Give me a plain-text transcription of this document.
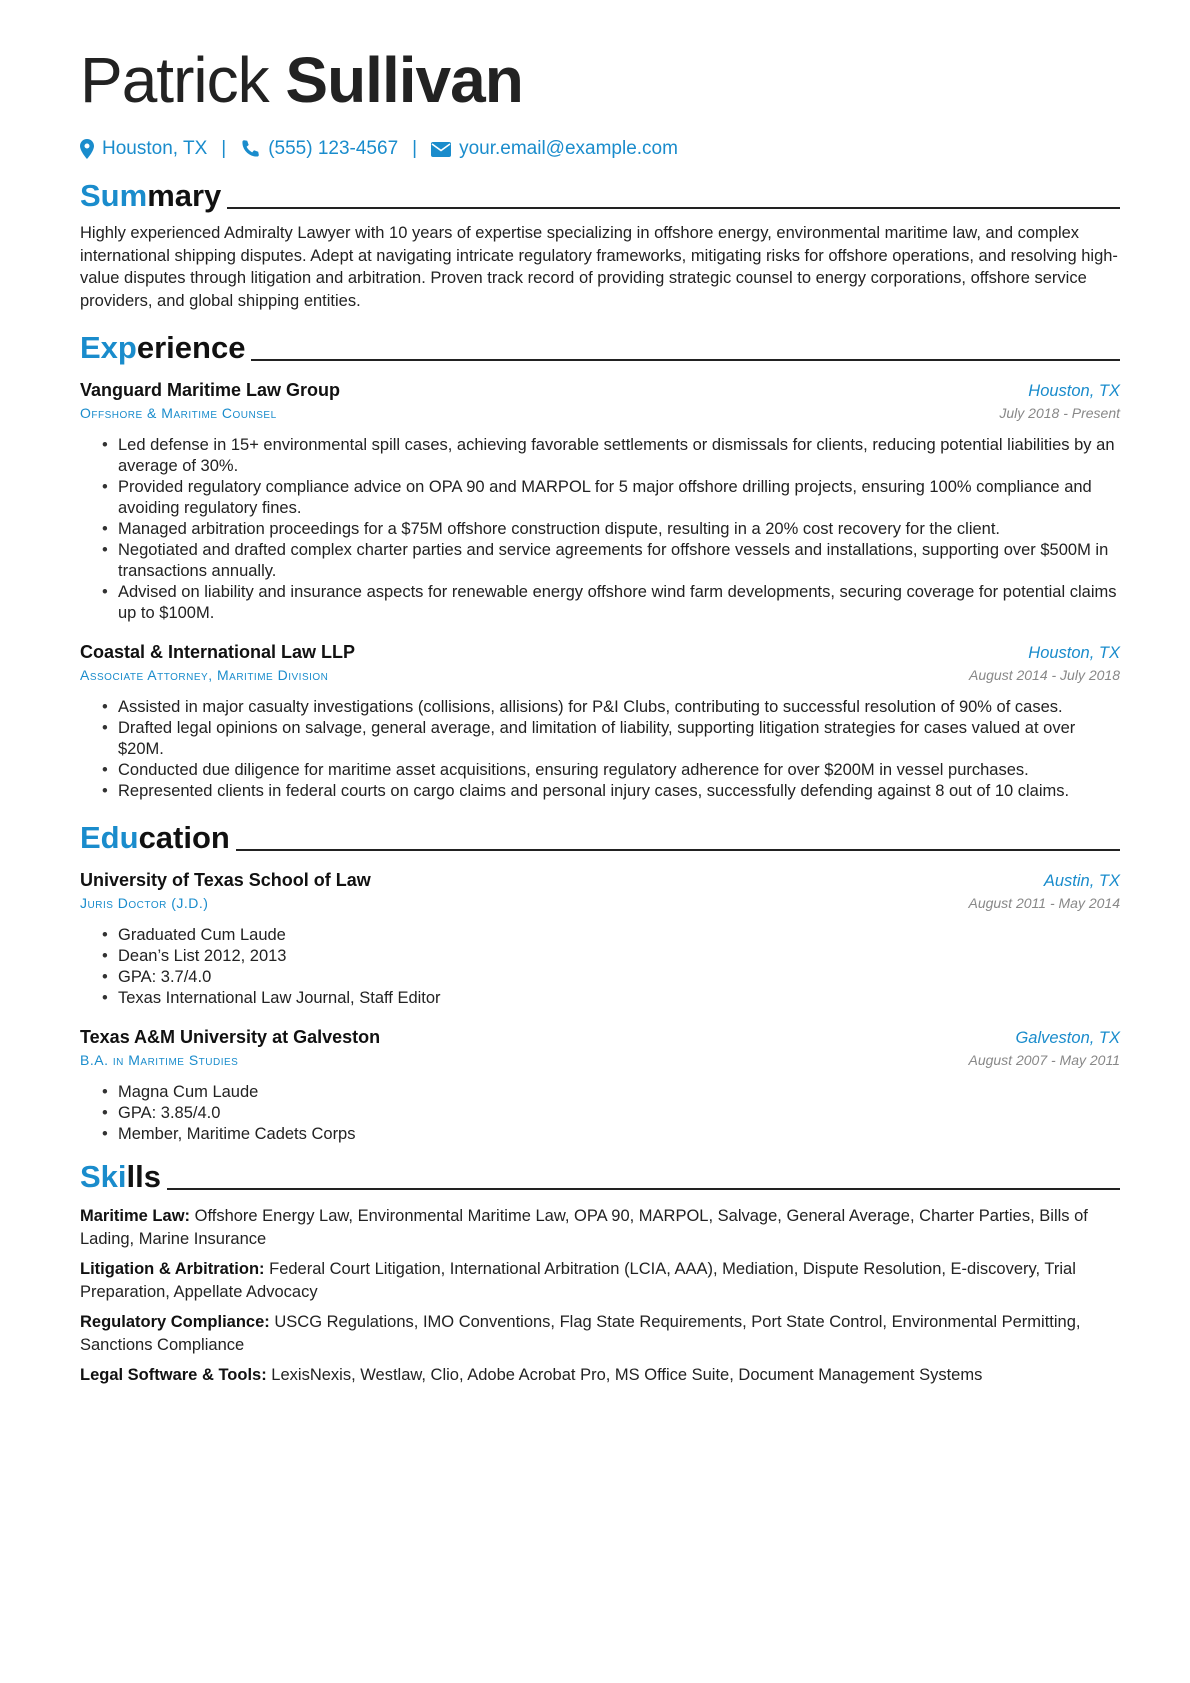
Patrick Sullivan
Houston, TX | (555) 123-4567 | your.email@example.com
Summary

Highly experienced Admiralty Lawyer with 10 years of expertise specializing in offshore energy, environmental maritime law, and complex international shipping disputes. Adept at navigating intricate regulatory frameworks, mitigating risks for offshore operations, and resolving high-value disputes through litigation and arbitration. Proven track record of providing strategic counsel to energy corporations, offshore service providers, and global shipping entities.

Experience
Vanguard Maritime Law Group	Houston, TX
Offshore & Maritime Counsel	July 2018 - Present
• Led defense in 15+ environmental spill cases, achieving favorable settlements or dismissals for clients, reducing potential liabilities by an average of 30%.
• Provided regulatory compliance advice on OPA 90 and MARPOL for 5 major offshore drilling projects, ensuring 100% compliance and avoiding regulatory fines.
• Managed arbitration proceedings for a $75M offshore construction dispute, resulting in a 20% cost recovery for the client.
• Negotiated and drafted complex charter parties and service agreements for offshore vessels and installations, supporting over $500M in transactions annually.
• Advised on liability and insurance aspects for renewable energy offshore wind farm developments, securing coverage for potential claims up to $100M.
Coastal & International Law LLP	Houston, TX
Associate Attorney, Maritime Division	August 2014 - July 2018
• Assisted in major casualty investigations (collisions, allisions) for P&I Clubs, contributing to successful resolution of 90% of cases.
• Drafted legal opinions on salvage, general average, and limitation of liability, supporting litigation strategies for cases valued at over $20M.
• Conducted due diligence for maritime asset acquisitions, ensuring regulatory adherence for over $200M in vessel purchases.
• Represented clients in federal courts on cargo claims and personal injury cases, successfully defending against 8 out of 10 claims.
Education
University of Texas School of Law	Austin, TX
Juris Doctor (J.D.)	August 2011 - May 2014
• Graduated Cum Laude
• Dean’s List 2012, 2013
• GPA: 3.7/4.0
• Texas International Law Journal, Staff Editor
Texas A&M University at Galveston	Galveston, TX
B.A. in Maritime Studies	August 2007 - May 2011
• Magna Cum Laude
• GPA: 3.85/4.0
• Member, Maritime Cadets Corps
Skills

Maritime Law: Offshore Energy Law, Environmental Maritime Law, OPA 90, MARPOL, Salvage, General Average, Charter Parties, Bills of Lading, Marine Insurance

Litigation & Arbitration: Federal Court Litigation, International Arbitration (LCIA, AAA), Mediation, Dispute Resolution, E-discovery, Trial Preparation, Appellate Advocacy

Regulatory Compliance: USCG Regulations, IMO Conventions, Flag State Requirements, Port State Control, Environmental Permitting, Sanctions Compliance

Legal Software & Tools: LexisNexis, Westlaw, Clio, Adobe Acrobat Pro, MS Office Suite, Document Management Systems
